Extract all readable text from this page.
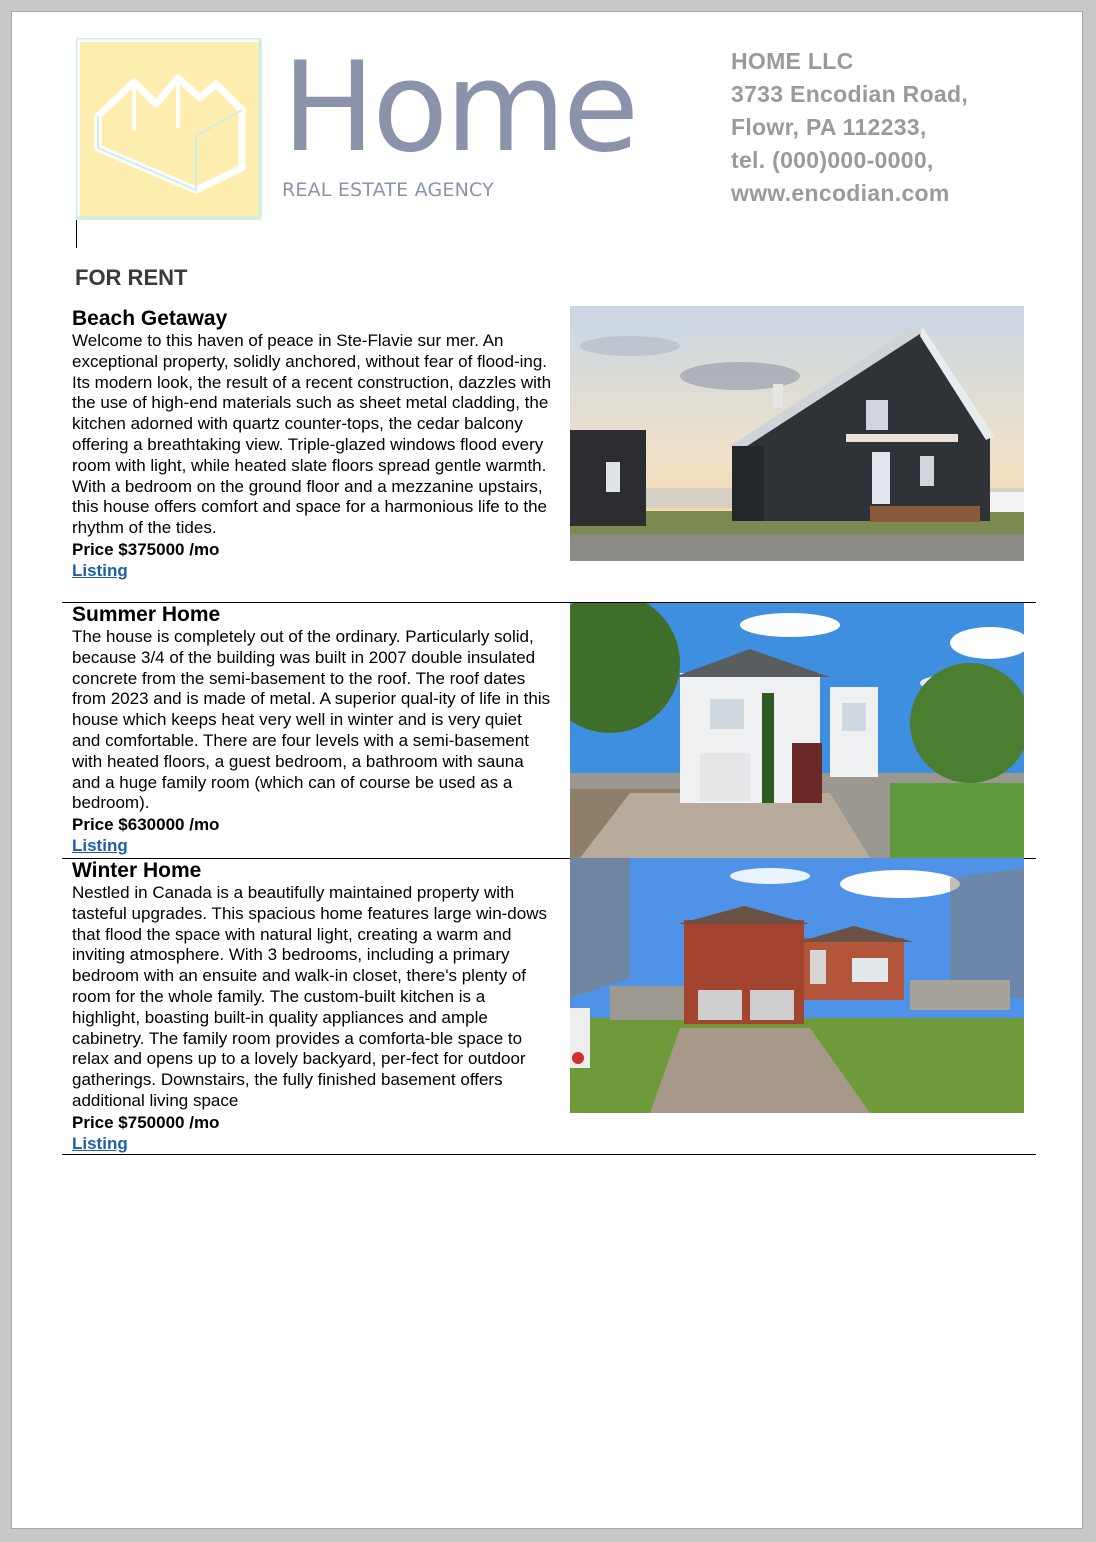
Home
REAL ESTATE AGENCY
HOME LLC
3733 Encodian Road,
Flowr, PA 112233,
tel. (000)000-0000,
www.encodian.com
FOR RENT
Beach Getaway

Welcome to this haven of peace in Ste-Flavie sur mer. An exceptional property, solidly anchored, without fear of flood-ing. Its modern look, the result of a recent construction, dazzles with the use of high-end materials such as sheet metal cladding, the kitchen adorned with quartz counter-tops, the cedar balcony offering a breathtaking view. Triple-glazed windows flood every room with light, while heated slate floors spread gentle warmth. With a bedroom on the ground floor and a mezzanine upstairs, this house offers comfort and space for a harmonious life to the rhythm of the tides.

Price $375000 /mo
Listing
Summer Home

The house is completely out of the ordinary. Particularly solid, because 3/4 of the building was built in 2007 double insulated concrete from the semi-basement to the roof. The roof dates from 2023 and is made of metal. A superior qual-ity of life in this house which keeps heat very well in winter and is very quiet and comfortable. There are four levels with a semi-basement with heated floors, a guest bedroom, a bathroom with sauna and a huge family room (which can of course be used as a bedroom).

Price $630000 /mo
Listing
Winter Home

Nestled in Canada is a beautifully maintained property with tasteful upgrades. This spacious home features large win-dows that flood the space with natural light, creating a warm and inviting atmosphere. With 3 bedrooms, including a primary bedroom with an ensuite and walk-in closet, there's plenty of room for the whole family. The custom-built kitchen is a highlight, boasting built-in quality appliances and ample cabinetry. The family room provides a comforta-ble space to relax and opens up to a lovely backyard, per-fect for outdoor gatherings. Downstairs, the fully finished basement offers additional living space

Price $750000 /mo
Listing
